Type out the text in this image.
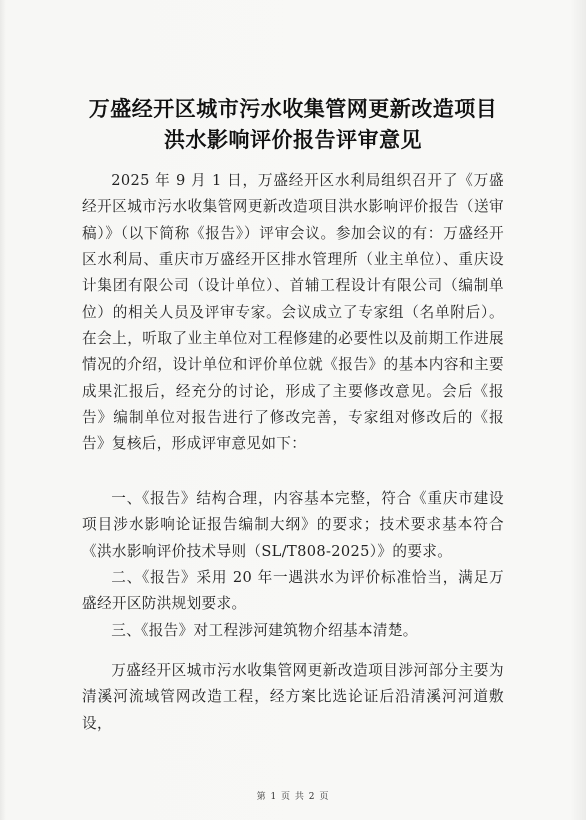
万盛经开区城市污水收集管网更新改造项目
洪水影响评价报告评审意见

2025 年 9 月 1 日，万盛经开区水利局组织召开了《万盛经开区城市污水收集管网更新改造项目洪水影响评价报告（送审稿）》（以下简称《报告》）评审会议。参加会议的有：万盛经开区水利局、重庆市万盛经开区排水管理所（业主单位）、重庆设计集团有限公司（设计单位）、首辅工程设计有限公司（编制单位）的相关人员及评审专家。会议成立了专家组（名单附后）。在会上，听取了业主单位对工程修建的必要性以及前期工作进展情况的介绍，设计单位和评价单位就《报告》的基本内容和主要成果汇报后，经充分的讨论，形成了主要修改意见。会后《报告》编制单位对报告进行了修改完善，专家组对修改后的《报告》复核后，形成评审意见如下：

一、《报告》结构合理，内容基本完整，符合《重庆市建设项目涉水影响论证报告编制大纲》的要求；技术要求基本符合《洪水影响评价技术导则（SL/T808-2025）》的要求。

二、《报告》采用 20 年一遇洪水为评价标准恰当，满足万盛经开区防洪规划要求。

三、《报告》对工程涉河建筑物介绍基本清楚。

万盛经开区城市污水收集管网更新改造项目涉河部分主要为清溪河流域管网改造工程，经方案比选论证后沿清溪河河道敷设，

第 1 页 共 2 页
